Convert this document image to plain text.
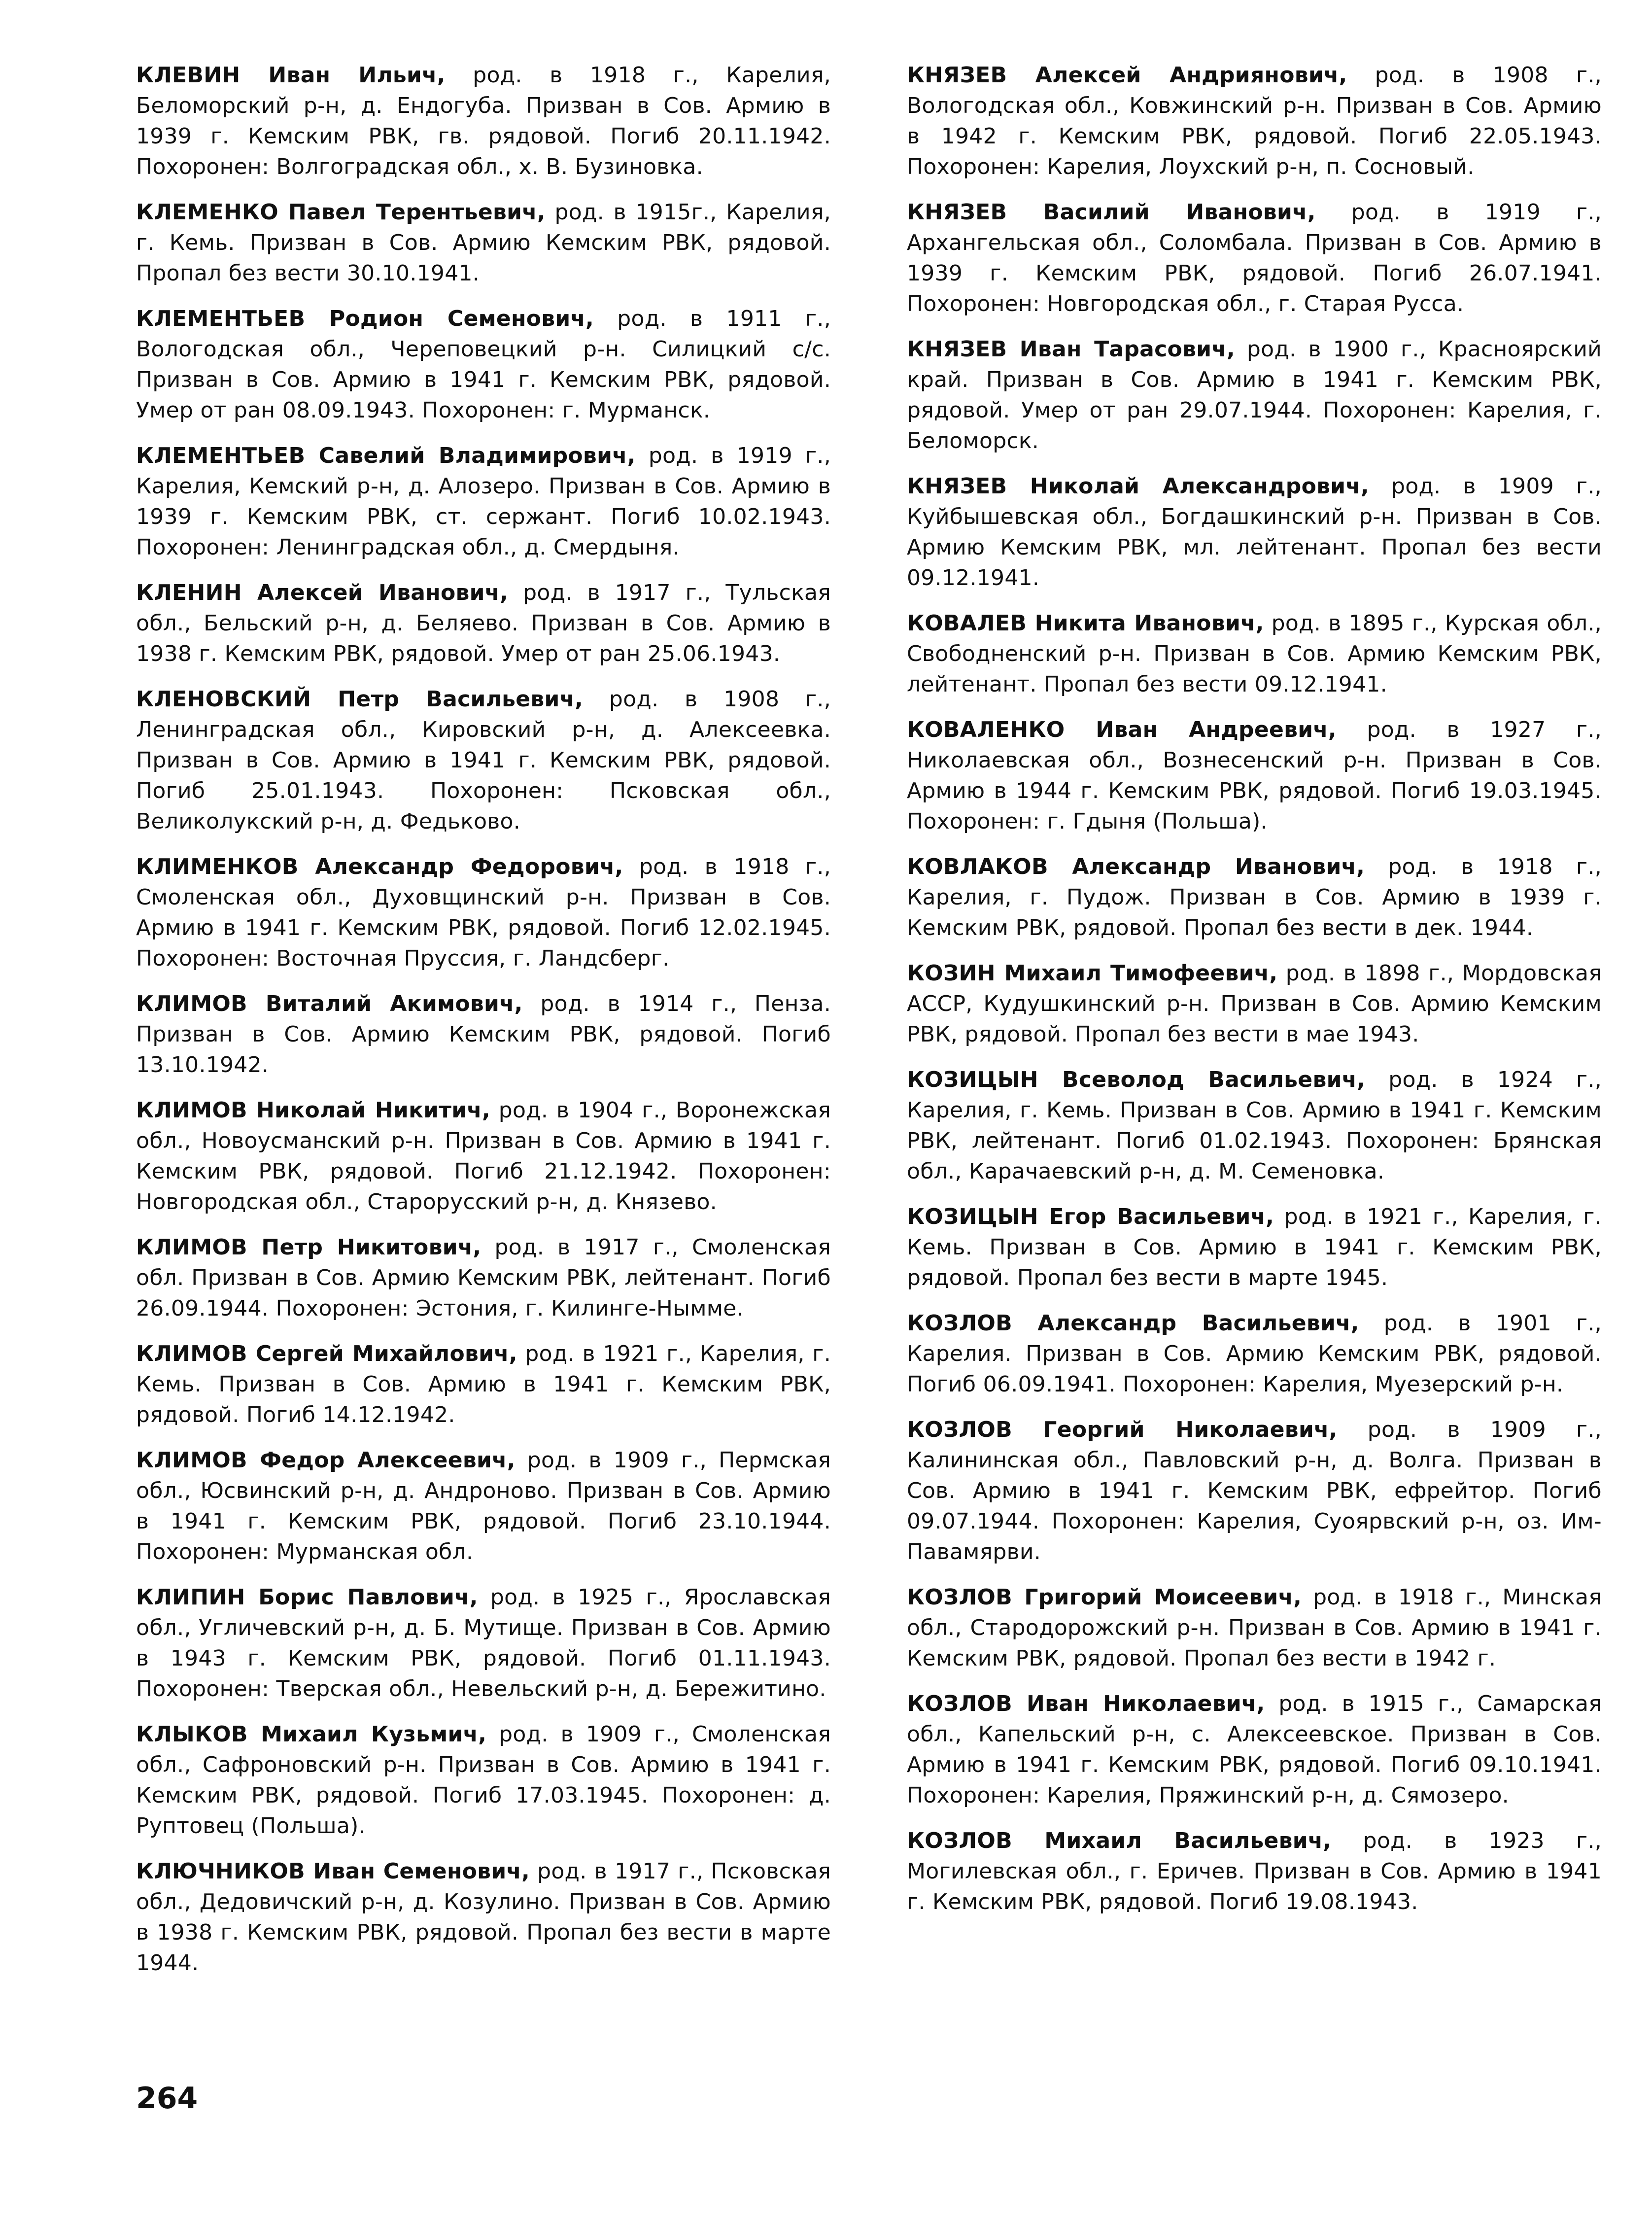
КЛЕВИН Иван Ильич, род. в 1918 г., Карелия, Беломорский р-н, д. Ендогуба. Призван в Сов. Армию в 1939 г. Кемским РВК, гв. рядовой. Погиб 20.11.1942. Похоронен: Волгоградская обл., х. В. Бузиновка.

КЛЕМЕНКО Павел Терентьевич, род. в 1915г., Карелия, г. Кемь. Призван в Сов. Армию Кемским РВК, рядовой. Пропал без вести 30.10.1941.

КЛЕМЕНТЬЕВ Родион Семенович, род. в 1911 г., Вологодская обл., Череповецкий р-н. Силицкий с/с. Призван в Сов. Армию в 1941 г. Кемским РВК, рядовой. Умер от ран 08.09.1943. Похоронен: г. Мурманск.

КЛЕМЕНТЬЕВ Савелий Владимирович, род. в 1919 г., Карелия, Кемский р-н, д. Алозеро. Призван в Сов. Армию в 1939 г. Кемским РВК, ст. сержант. Погиб 10.02.1943. Похоронен: Ленинградская обл., д. Смердыня.

КЛЕНИН Алексей Иванович, род. в 1917 г., Тульская обл., Бельский р-н, д. Беляево. Призван в Сов. Армию в 1938 г. Кемским РВК, рядовой. Умер от ран 25.06.1943.

КЛЕНОВСКИЙ Петр Васильевич, род. в 1908 г., Ленинградская обл., Кировский р-н, д. Алексеевка. Призван в Сов. Армию в 1941 г. Кемским РВК, рядовой. Погиб 25.01.1943. Похоронен: Псковская обл., Великолукский р-н, д. Федьково.

КЛИМЕНКОВ Александр Федорович, род. в 1918 г., Смоленская обл., Духовщинский р-н. Призван в Сов. Армию в 1941 г. Кемским РВК, рядовой. Погиб 12.02.1945. Похоронен: Восточная Пруссия, г. Ландсберг.

КЛИМОВ Виталий Акимович, род. в 1914 г., Пенза. Призван в Сов. Армию Кемским РВК, рядовой. Погиб 13.10.1942.

КЛИМОВ Николай Никитич, род. в 1904 г., Воронежская обл., Новоусманский р-н. Призван в Сов. Армию в 1941 г. Кемским РВК, рядовой. Погиб 21.12.1942. Похоронен: Новгородская обл., Старорусский р-н, д. Князево.

КЛИМОВ Петр Никитович, род. в 1917 г., Смоленская обл. Призван в Сов. Армию Кемским РВК, лейтенант. Погиб 26.09.1944. Похоронен: Эстония, г. Килинге-Нымме.

КЛИМОВ Сергей Михайлович, род. в 1921 г., Карелия, г. Кемь. Призван в Сов. Армию в 1941 г. Кемским РВК, рядовой. Погиб 14.12.1942.

КЛИМОВ Федор Алексеевич, род. в 1909 г., Пермская обл., Юсвинский р-н, д. Андроново. Призван в Сов. Армию в 1941 г. Кемским РВК, рядовой. Погиб 23.10.1944. Похоронен: Мурманская обл.

КЛИПИН Борис Павлович, род. в 1925 г., Ярославская обл., Угличевский р-н, д. Б. Мутище. Призван в Сов. Армию в 1943 г. Кемским РВК, рядовой. Погиб 01.11.1943. Похоронен: Тверская обл., Невельский р-н, д. Бережитино.

КЛЫКОВ Михаил Кузьмич, род. в 1909 г., Смоленская обл., Сафроновский р-н. Призван в Сов. Армию в 1941 г. Кемским РВК, рядовой. Погиб 17.03.1945. Похоронен: д. Руптовец (Польша).

КЛЮЧНИКОВ Иван Семенович, род. в 1917 г., Псковская обл., Дедовичский р-н, д. Козулино. Призван в Сов. Армию в 1938 г. Кемским РВК, рядовой. Пропал без вести в марте 1944.

КНЯЗЕВ Алексей Андриянович, род. в 1908 г., Вологодская обл., Ковжинский р-н. Призван в Сов. Армию в 1942 г. Кемским РВК, рядовой. Погиб 22.05.1943. Похоронен: Карелия, Лоухский р-н, п. Сосновый.

КНЯЗЕВ Василий Иванович, род. в 1919 г., Архангельская обл., Соломбала. Призван в Сов. Армию в 1939 г. Кемским РВК, рядовой. Погиб 26.07.1941. Похоронен: Новгородская обл., г. Старая Русса.

КНЯЗЕВ Иван Тарасович, род. в 1900 г., Красноярский край. Призван в Сов. Армию в 1941 г. Кемским РВК, рядовой. Умер от ран 29.07.1944. Похоронен: Карелия, г. Беломорск.

КНЯЗЕВ Николай Александрович, род. в 1909 г., Куйбышевская обл., Богдашкинский р-н. Призван в Сов. Армию Кемским РВК, мл. лейтенант. Пропал без вести 09.12.1941.

КОВАЛЕВ Никита Иванович, род. в 1895 г., Курская обл., Свободненский р-н. Призван в Сов. Армию Кемским РВК, лейтенант. Пропал без вести 09.12.1941.

КОВАЛЕНКО Иван Андреевич, род. в 1927 г., Николаевская обл., Вознесенский р-н. Призван в Сов. Армию в 1944 г. Кемским РВК, рядовой. Погиб 19.03.1945. Похоронен: г. Гдыня (Польша).

КОВЛАКОВ Александр Иванович, род. в 1918 г., Карелия, г. Пудож. Призван в Сов. Армию в 1939 г. Кемским РВК, рядовой. Пропал без вести в дек. 1944.

КОЗИН Михаил Тимофеевич, род. в 1898 г., Мордовская АССР, Кудушкинский р-н. Призван в Сов. Армию Кемским РВК, рядовой. Пропал без вести в мае 1943.

КОЗИЦЫН Всеволод Васильевич, род. в 1924 г., Карелия, г. Кемь. Призван в Сов. Армию в 1941 г. Кемским РВК, лейтенант. Погиб 01.02.1943. Похоронен: Брянская обл., Карачаевский р-н, д. М. Семеновка.

КОЗИЦЫН Егор Васильевич, род. в 1921 г., Карелия, г. Кемь. Призван в Сов. Армию в 1941 г. Кемским РВК, рядовой. Пропал без вести в марте 1945.

КОЗЛОВ Александр Васильевич, род. в 1901 г., Карелия. Призван в Сов. Армию Кемским РВК, рядовой. Погиб 06.09.1941. Похоронен: Карелия, Муезерский р-н.

КОЗЛОВ Георгий Николаевич, род. в 1909 г., Калининская обл., Павловский р-н, д. Волга. Призван в Сов. Армию в 1941 г. Кемским РВК, ефрейтор. Погиб 09.07.1944. Похоронен: Карелия, Суоярвский р-н, оз. Им-Павамярви.

КОЗЛОВ Григорий Моисеевич, род. в 1918 г., Минская обл., Стародорожский р-н. Призван в Сов. Армию в 1941 г. Кемским РВК, рядовой. Пропал без вести в 1942 г.

КОЗЛОВ Иван Николаевич, род. в 1915 г., Самарская обл., Капельский р-н, с. Алексеевское. Призван в Сов. Армию в 1941 г. Кемским РВК, рядовой. Погиб 09.10.1941. Похоронен: Карелия, Пряжинский р-н, д. Сямозеро.

КОЗЛОВ Михаил Васильевич, род. в 1923 г., Могилевская обл., г. Еричев. Призван в Сов. Армию в 1941 г. Кемским РВК, рядовой. Погиб 19.08.1943.

264
